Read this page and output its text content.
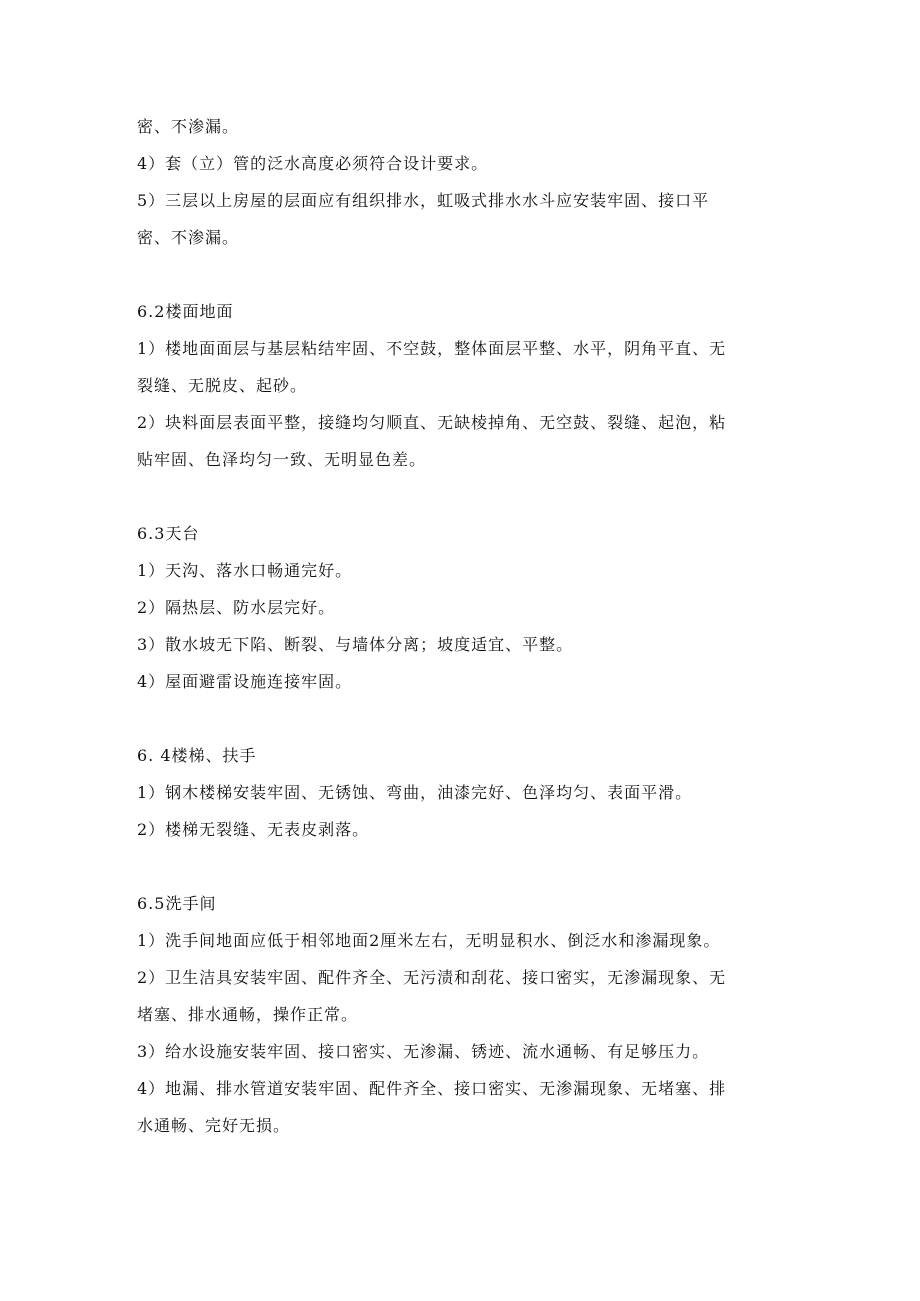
密、不渗漏。
4）套（立）管的泛水高度必须符合设计要求。
5）三层以上房屋的层面应有组织排水，虹吸式排水水斗应安装牢固、接口平
密、不渗漏。
6.2楼面地面
1）楼地面面层与基层粘结牢固、不空鼓，整体面层平整、水平，阴角平直、无
裂缝、无脱皮、起砂。
2）块料面层表面平整，接缝均匀顺直、无缺棱掉角、无空鼓、裂缝、起泡，粘
贴牢固、色泽均匀一致、无明显色差。
6.3天台
1）天沟、落水口畅通完好。
2）隔热层、防水层完好。
3）散水坡无下陷、断裂、与墙体分离；坡度适宜、平整。
4）屋面避雷设施连接牢固。
6. 4楼梯、扶手
1）钢木楼梯安装牢固、无锈蚀、弯曲，油漆完好、色泽均匀、表面平滑。
2）楼梯无裂缝、无表皮剥落。
6.5洗手间
1）洗手间地面应低于相邻地面2厘米左右，无明显积水、倒泛水和渗漏现象。
2）卫生洁具安装牢固、配件齐全、无污渍和刮花、接口密实，无渗漏现象、无
堵塞、排水通畅，操作正常。
3）给水设施安装牢固、接口密实、无渗漏、锈迹、流水通畅、有足够压力。
4）地漏、排水管道安装牢固、配件齐全、接口密实、无渗漏现象、无堵塞、排
水通畅、完好无损。
